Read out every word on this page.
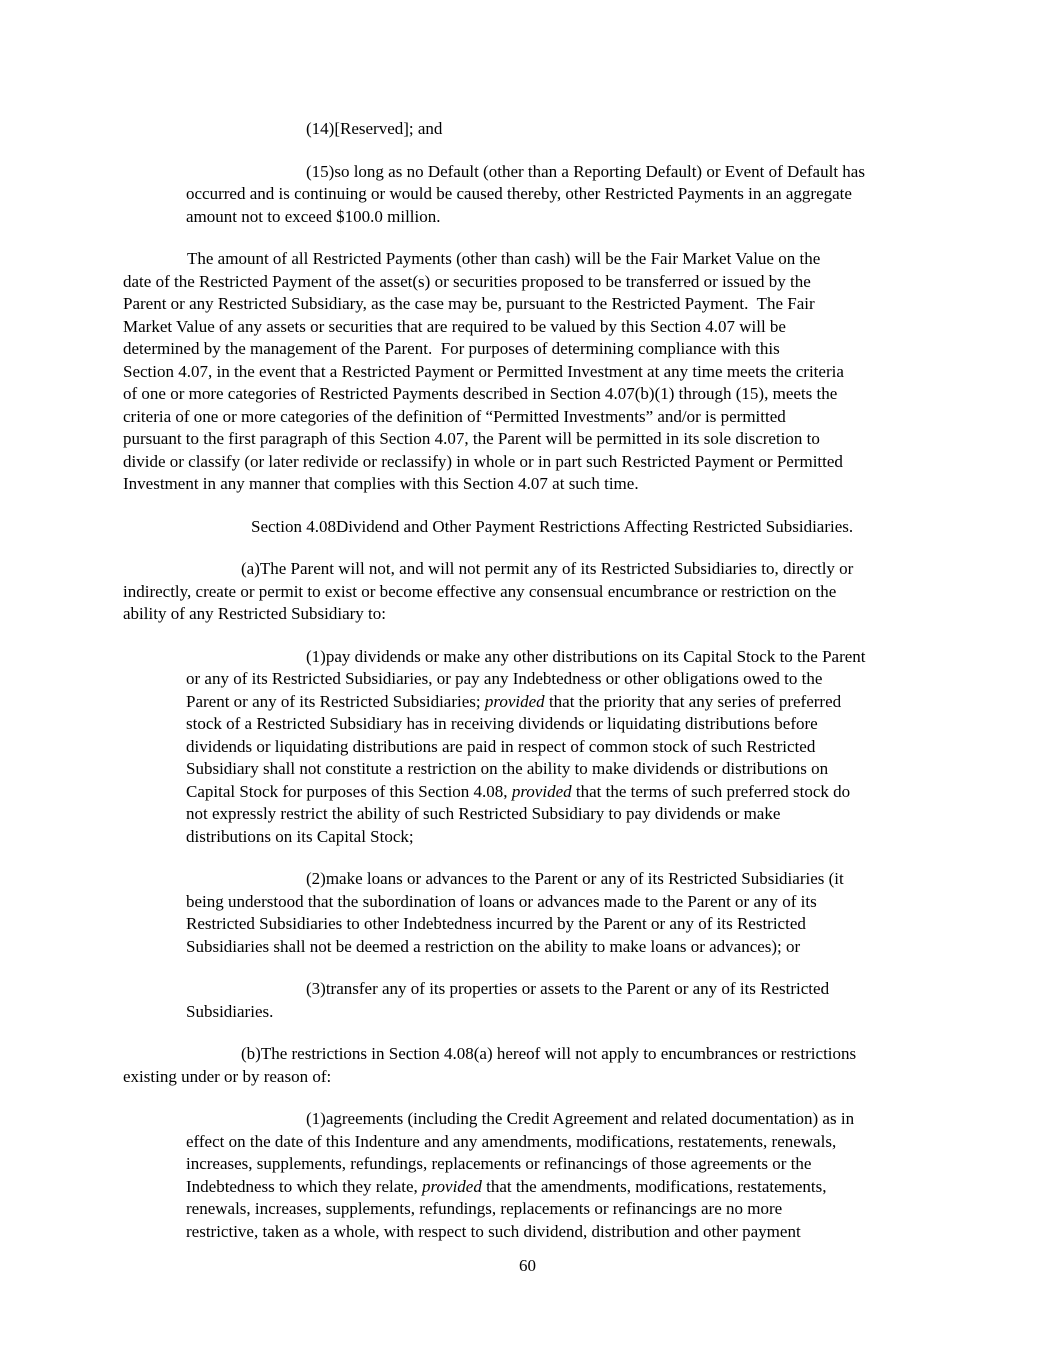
(14)[Reserved]; and

(15)so long as no Default (other than a Reporting Default) or Event of Default has
occurred and is continuing or would be caused thereby, other Restricted Payments in an aggregate
amount not to exceed $100.0 million.

The amount of all Restricted Payments (other than cash) will be the Fair Market Value on the
date of the Restricted Payment of the asset(s) or securities proposed to be transferred or issued by the
Parent or any Restricted Subsidiary, as the case may be, pursuant to the Restricted Payment.  The Fair
Market Value of any assets or securities that are required to be valued by this Section 4.07 will be
determined by the management of the Parent.  For purposes of determining compliance with this
Section 4.07, in the event that a Restricted Payment or Permitted Investment at any time meets the criteria
of one or more categories of Restricted Payments described in Section 4.07(b)(1) through (15), meets the
criteria of one or more categories of the definition of “Permitted Investments” and/or is permitted
pursuant to the first paragraph of this Section 4.07, the Parent will be permitted in its sole discretion to
divide or classify (or later redivide or reclassify) in whole or in part such Restricted Payment or Permitted
Investment in any manner that complies with this Section 4.07 at such time.

Section 4.08Dividend and Other Payment Restrictions Affecting Restricted Subsidiaries.

(a)The Parent will not, and will not permit any of its Restricted Subsidiaries to, directly or
indirectly, create or permit to exist or become effective any consensual encumbrance or restriction on the
ability of any Restricted Subsidiary to:

(1)pay dividends or make any other distributions on its Capital Stock to the Parent
or any of its Restricted Subsidiaries, or pay any Indebtedness or other obligations owed to the
Parent or any of its Restricted Subsidiaries; provided that the priority that any series of preferred
stock of a Restricted Subsidiary has in receiving dividends or liquidating distributions before
dividends or liquidating distributions are paid in respect of common stock of such Restricted
Subsidiary shall not constitute a restriction on the ability to make dividends or distributions on
Capital Stock for purposes of this Section 4.08, provided that the terms of such preferred stock do
not expressly restrict the ability of such Restricted Subsidiary to pay dividends or make
distributions on its Capital Stock;

(2)make loans or advances to the Parent or any of its Restricted Subsidiaries (it
being understood that the subordination of loans or advances made to the Parent or any of its
Restricted Subsidiaries to other Indebtedness incurred by the Parent or any of its Restricted
Subsidiaries shall not be deemed a restriction on the ability to make loans or advances); or

(3)transfer any of its properties or assets to the Parent or any of its Restricted
Subsidiaries.

(b)The restrictions in Section 4.08(a) hereof will not apply to encumbrances or restrictions
existing under or by reason of:

(1)agreements (including the Credit Agreement and related documentation) as in
effect on the date of this Indenture and any amendments, modifications, restatements, renewals,
increases, supplements, refundings, replacements or refinancings of those agreements or the
Indebtedness to which they relate, provided that the amendments, modifications, restatements,
renewals, increases, supplements, refundings, replacements or refinancings are no more
restrictive, taken as a whole, with respect to such dividend, distribution and other payment

60
